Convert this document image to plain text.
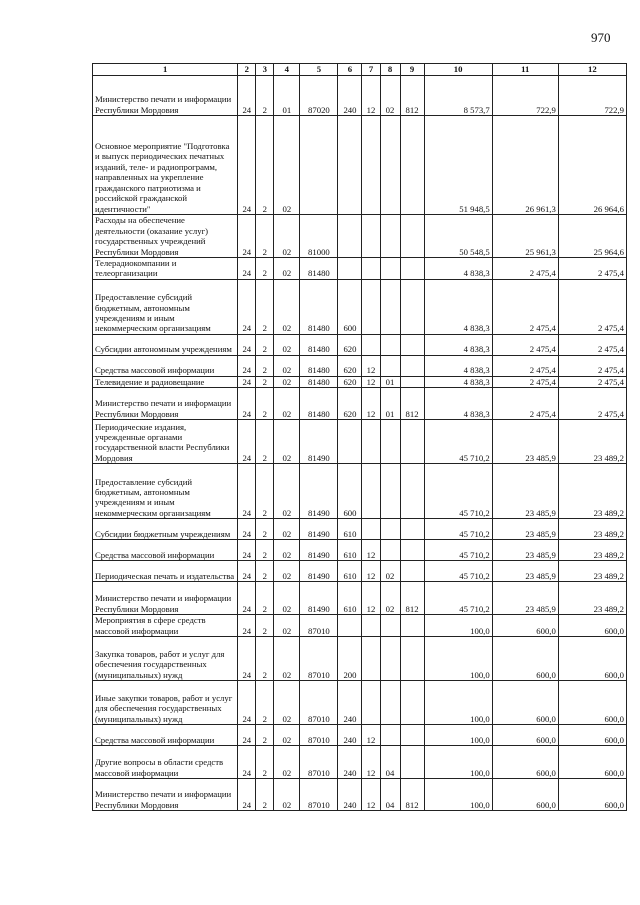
970
1	2	3	4	5	6	7	8	9	10	11	12
Министерство печати и информации Республики Мордовия	24	2	01	87020	240	12	02	812	8 573,7	722,9	722,9
Основное мероприятие "Подготовка и выпуск периодических печатных изданий, теле- и радиопрограмм, направленных на укрепление гражданского патриотизма и российской гражданской идентичности"	24	2	02						51 948,5	26 961,3	26 964,6
Расходы на обеспечение деятельности (оказание услуг) государственных учреждений Республики Мордовия	24	2	02	81000					50 548,5	25 961,3	25 964,6
Телерадиокомпании и телеорганизации	24	2	02	81480					4 838,3	2 475,4	2 475,4
Предоставление субсидий бюджетным, автономным учреждениям и иным некоммерческим организациям	24	2	02	81480	600				4 838,3	2 475,4	2 475,4
Субсидии автономным учреждениям	24	2	02	81480	620				4 838,3	2 475,4	2 475,4
Средства массовой информации	24	2	02	81480	620	12			4 838,3	2 475,4	2 475,4
Телевидение и радиовещание	24	2	02	81480	620	12	01		4 838,3	2 475,4	2 475,4
Министерство печати и информации Республики Мордовия	24	2	02	81480	620	12	01	812	4 838,3	2 475,4	2 475,4
Периодические издания, учрежденные органами государственной власти Республики Мордовия	24	2	02	81490					45 710,2	23 485,9	23 489,2
Предоставление субсидий бюджетным, автономным учреждениям и иным некоммерческим организациям	24	2	02	81490	600				45 710,2	23 485,9	23 489,2
Субсидии бюджетным учреждениям	24	2	02	81490	610				45 710,2	23 485,9	23 489,2
Средства массовой информации	24	2	02	81490	610	12			45 710,2	23 485,9	23 489,2
Периодическая печать и издательства	24	2	02	81490	610	12	02		45 710,2	23 485,9	23 489,2
Министерство печати и информации Республики Мордовия	24	2	02	81490	610	12	02	812	45 710,2	23 485,9	23 489,2
Мероприятия в сфере средств массовой информации	24	2	02	87010					100,0	600,0	600,0
Закупка товаров, работ и услуг для обеспечения государственных (муниципальных) нужд	24	2	02	87010	200				100,0	600,0	600,0
Иные закупки товаров, работ и услуг для обеспечения государственных (муниципальных) нужд	24	2	02	87010	240				100,0	600,0	600,0
Средства массовой информации	24	2	02	87010	240	12			100,0	600,0	600,0
Другие вопросы в области средств массовой информации	24	2	02	87010	240	12	04		100,0	600,0	600,0
Министерство печати и информации Республики Мордовия	24	2	02	87010	240	12	04	812	100,0	600,0	600,0
